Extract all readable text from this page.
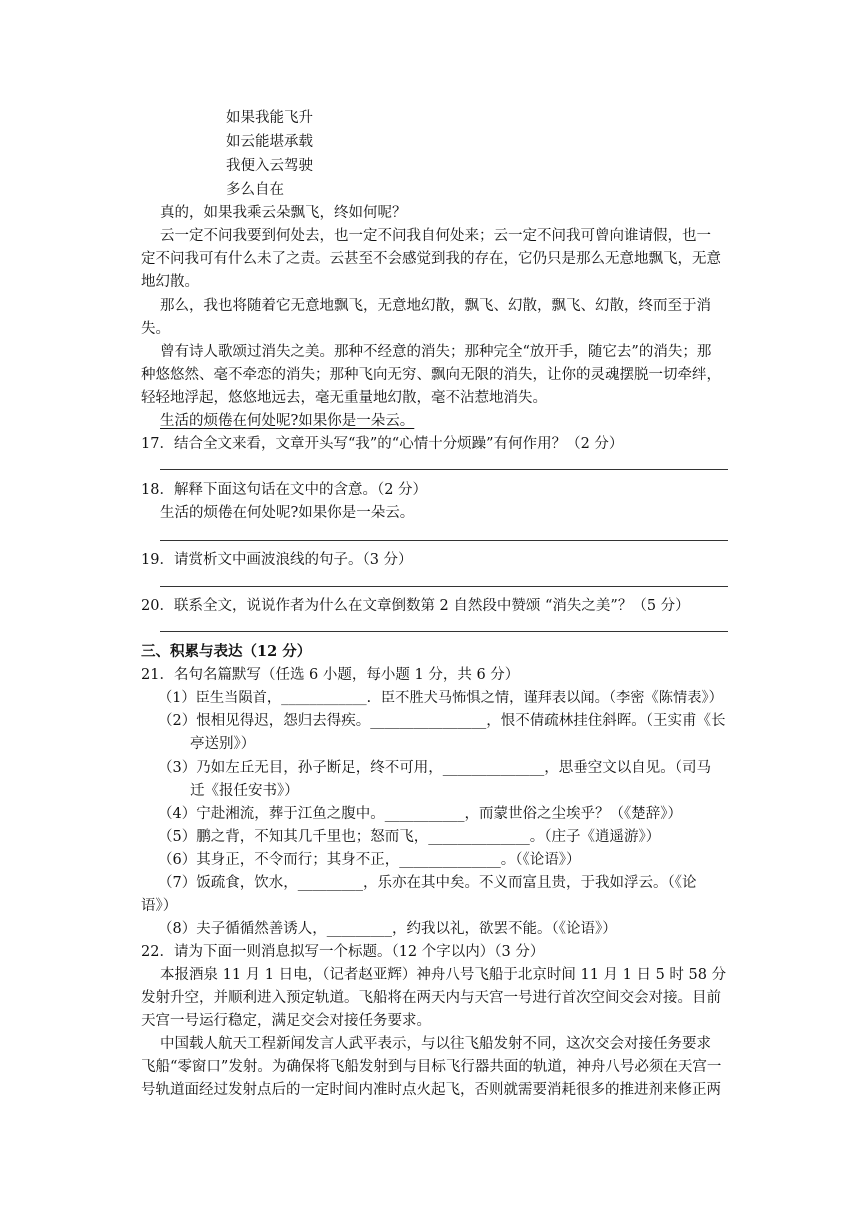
如果我能飞升
如云能堪承载
我便入云驾驶
多么自在
真的，如果我乘云朵飘飞，终如何呢？
云一定不问我要到何处去，也一定不问我自何处来；云一定不问我可曾向谁请假，也一
定不问我可有什么未了之责。云甚至不会感觉到我的存在，它仍只是那么无意地飘飞，无意
地幻散。
那么，我也将随着它无意地飘飞，无意地幻散，飘飞、幻散，飘飞、幻散，终而至于消
失。
曾有诗人歌颂过消失之美。那种不经意的消失；那种完全“放开手，随它去”的消失；那
种悠悠然、毫不牵恋的消失；那种飞向无穷、飘向无限的消失，让你的灵魂摆脱一切牵绊，
轻轻地浮起，悠悠地远去，毫无重量地幻散，毫不沾惹地消失。
生活的烦倦在何处呢?如果你是一朵云。
17．结合全文来看，文章开头写“我”的“心情十分烦躁”有何作用？（2 分）
18．解释下面这句话在文中的含意。（2 分）
生活的烦倦在何处呢?如果你是一朵云。
19．请赏析文中画波浪线的句子。（3 分）
20．联系全文，说说作者为什么在文章倒数第 2 自然段中赞颂 “消失之美”？（5 分）
三、积累与表达（12 分）
21．名句名篇默写（任选 6 小题，每小题 1 分，共 6 分）
（1）臣生当陨首，____________．臣不胜犬马怖惧之情，谨拜表以闻。（李密《陈情表》）
（2）恨相见得迟，怨归去得疾。________________，恨不倩疏林挂住斜晖。（王实甫《长
亭送别》）
（3）乃如左丘无目，孙子断足，终不可用，______________，思垂空文以自见。（司马
迁《报任安书》）
（4）宁赴湘流，葬于江鱼之腹中。___________，而蒙世俗之尘埃乎？（《楚辞》）
（5）鹏之背，不知其几千里也；怒而飞，______________。（庄子《逍遥游》）
（6）其身正，不令而行；其身不正，______________。（《论语》）
（7）饭疏食，饮水，_________，乐亦在其中矣。不义而富且贵，于我如浮云。（《论
语》）
（8）夫子循循然善诱人，_________，约我以礼，欲罢不能。（《论语》）
22．请为下面一则消息拟写一个标题。（12 个字以内）（3 分）
本报酒泉 11 月 1 日电，（记者赵亚辉）神舟八号飞船于北京时间 11 月 1 日 5 时 58 分
发射升空，并顺利进入预定轨道。飞船将在两天内与天宫一号进行首次空间交会对接。目前
天宫一号运行稳定，满足交会对接任务要求。
中国载人航天工程新闻发言人武平表示，与以往飞船发射不同，这次交会对接任务要求
飞船“零窗口”发射。为确保将飞船发射到与目标飞行器共面的轨道，神舟八号必须在天宫一
号轨道面经过发射点后的一定时间内准时点火起飞，否则就需要消耗很多的推进剂来修正两
